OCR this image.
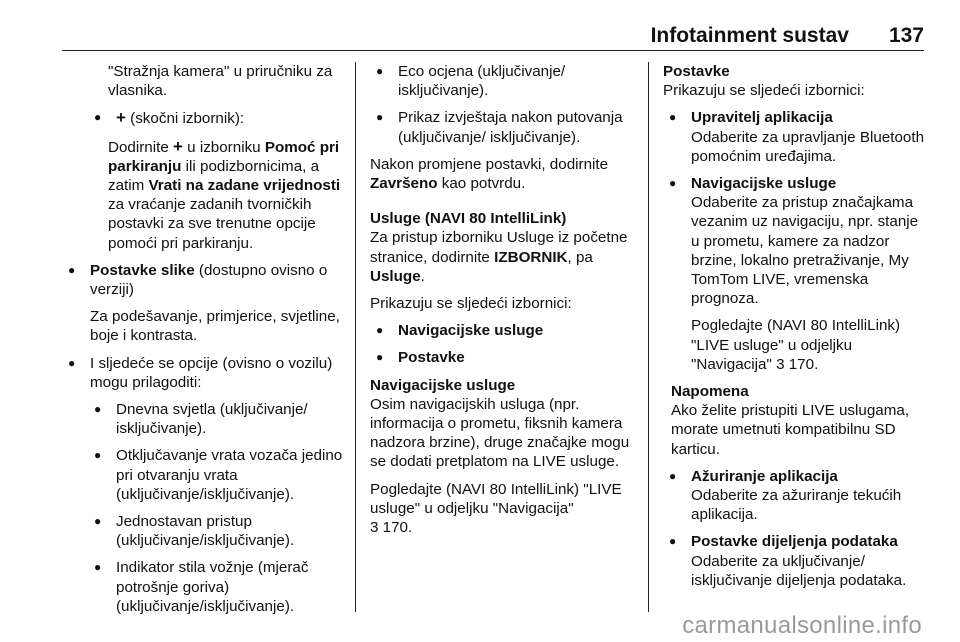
Infotainment sustav 137

"Stražnja kamera" u priručniku za vlasnika.

● + (skočni izbornik):

Dodirnite + u izborniku Pomoć pri parkiranju ili podizbornicima, a zatim Vrati na zadane vrijednosti za vraćanje zadanih tvorničkih postavki za sve trenutne opcije pomoći pri parkiranju.

● Postavke slike (dostupno ovisno o verziji)

Za podešavanje, primjerice, svjetline, boje i kontrasta.

● I sljedeće se opcije (ovisno o vozilu) mogu prilagoditi:
● Dnevna svjetla (uključivanje/ isključivanje).
● Otključavanje vrata vozača jedino pri otvaranju vrata (uključivanje/isključivanje).
● Jednostavan pristup (uključivanje/isključivanje).
● Indikator stila vožnje (mjerač potrošnje goriva) (uključivanje/isključivanje).
● Eco ocjena (uključivanje/ isključivanje).
● Prikaz izvještaja nakon putovanja (uključivanje/ isključivanje).

Nakon promjene postavki, dodirnite Završeno kao potvrdu.

Usluge (NAVI 80 IntelliLink)

Za pristup izborniku Usluge iz početne stranice, dodirnite IZBORNIK, pa Usluge.

Prikazuju se sljedeći izbornici:

● Navigacijske usluge
● Postavke

Navigacijske usluge

Osim navigacijskih usluga (npr. informacija o prometu, fiksnih kamera nadzora brzine), druge značajke mogu se dodati pretplatom na LIVE usluge.

Pogledajte (NAVI 80 IntelliLink) "LIVE usluge" u odjeljku "Navigacija"

3 170.

Postavke

Prikazuju se sljedeći izbornici:

● Upravitelj aplikacija

Odaberite za upravljanje Bluetooth pomoćnim uređajima.

● Navigacijske usluge

Odaberite za pristup značajkama vezanim uz navigaciju, npr. stanje u prometu, kamere za nadzor brzine, lokalno pretraživanje, My TomTom LIVE, vremenska prognoza.

Pogledajte (NAVI 80 IntelliLink) "LIVE usluge" u odjeljku "Navigacija" 3 170.

Napomena

Ako želite pristupiti LIVE uslugama, morate umetnuti kompatibilnu SD karticu.

● Ažuriranje aplikacija

Odaberite za ažuriranje tekućih aplikacija.

● Postavke dijeljenja podataka

Odaberite za uključivanje/ isključivanje dijeljenja podataka.

carmanualsonline.info
